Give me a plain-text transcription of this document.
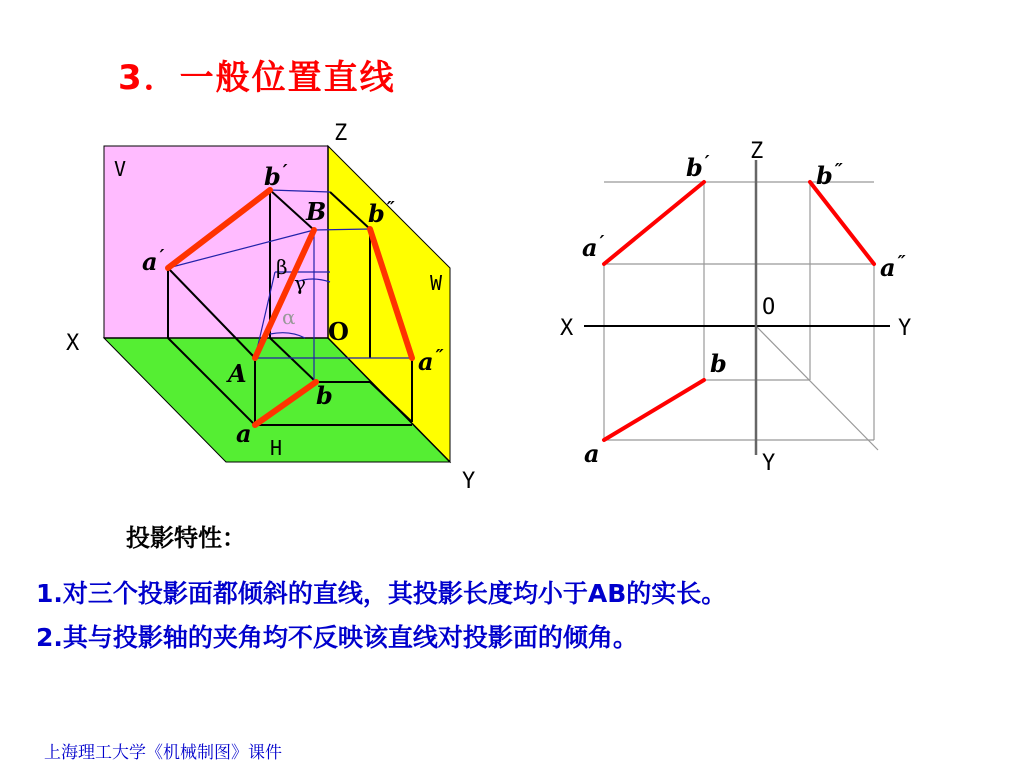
3．一般位置直线
Z
X
Y
V
W
H
O
B
A
b ′
a ′
b ″
a ″
b
a
β
γ
α
Z
X	Y
Y
O
b ′	b ″
a ′
a ″
b
a
投影特性：
1.对三个投影面都倾斜的直线，其投影长度均小于AB的实长。
2.其与投影轴的夹角均不反映该直线对投影面的倾角。
上海理工大学《机械制图》课件
